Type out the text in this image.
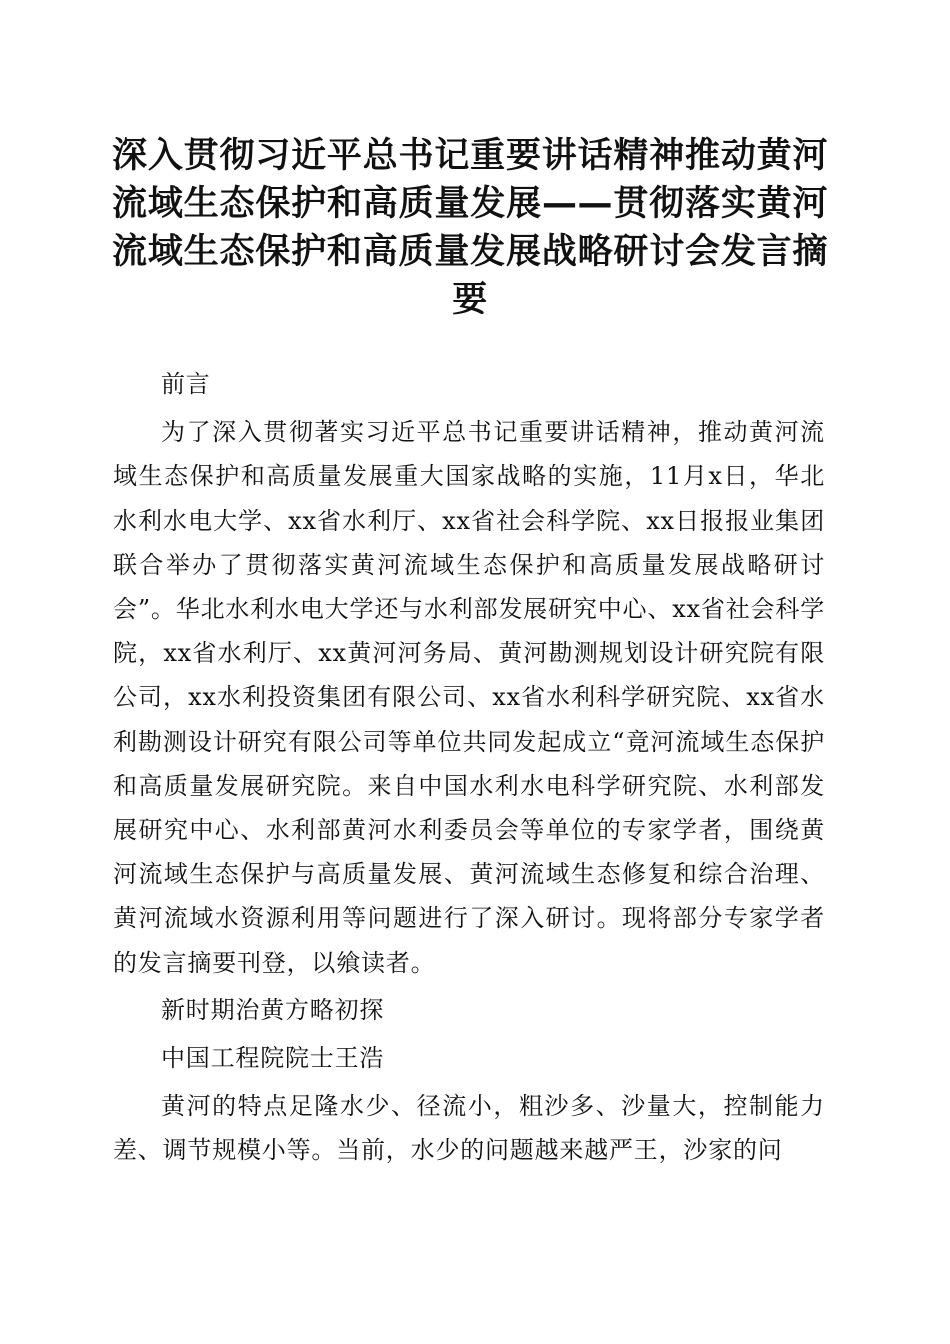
深入贯彻习近平总书记重要讲话精神推动黄河流域生态保护和高质量发展——贯彻落实黄河流域生态保护和高质量发展战略研讨会发言摘要

前言

为了深入贯彻著实习近平总书记重要讲话精神，推动黄河流域生态保护和高质量发展重大国家战略的实施，11月x日，华北水利水电大学、xx省水利厅、xx省社会科学院、xx日报报业集团联合举办了贯彻落实黄河流域生态保护和高质量发展战略研讨会”。华北水利水电大学还与水利部发展研究中心、xx省社会科学院，xx省水利厅、xx黄河河务局、黄河勘测规划设计研究院有限公司，xx水利投资集团有限公司、xx省水利科学研究院、xx省水利勘测设计研究有限公司等单位共同发起成立“竟河流域生态保护和高质量发展研究院。来自中国水利水电科学研究院、水利部发展研究中心、水利部黄河水利委员会等单位的专家学者，围绕黄河流域生态保护与高质量发展、黄河流域生态修复和综合治理、黄河流域水资源利用等问题进行了深入研讨。现将部分专家学者的发言摘要刊登，以飨读者。

新时期治黄方略初探

中国工程院院士王浩

黄河的特点足隆水少、径流小，粗沙多、沙量大，控制能力差、调节规模小等。当前，水少的问题越来越严王，沙家的问
